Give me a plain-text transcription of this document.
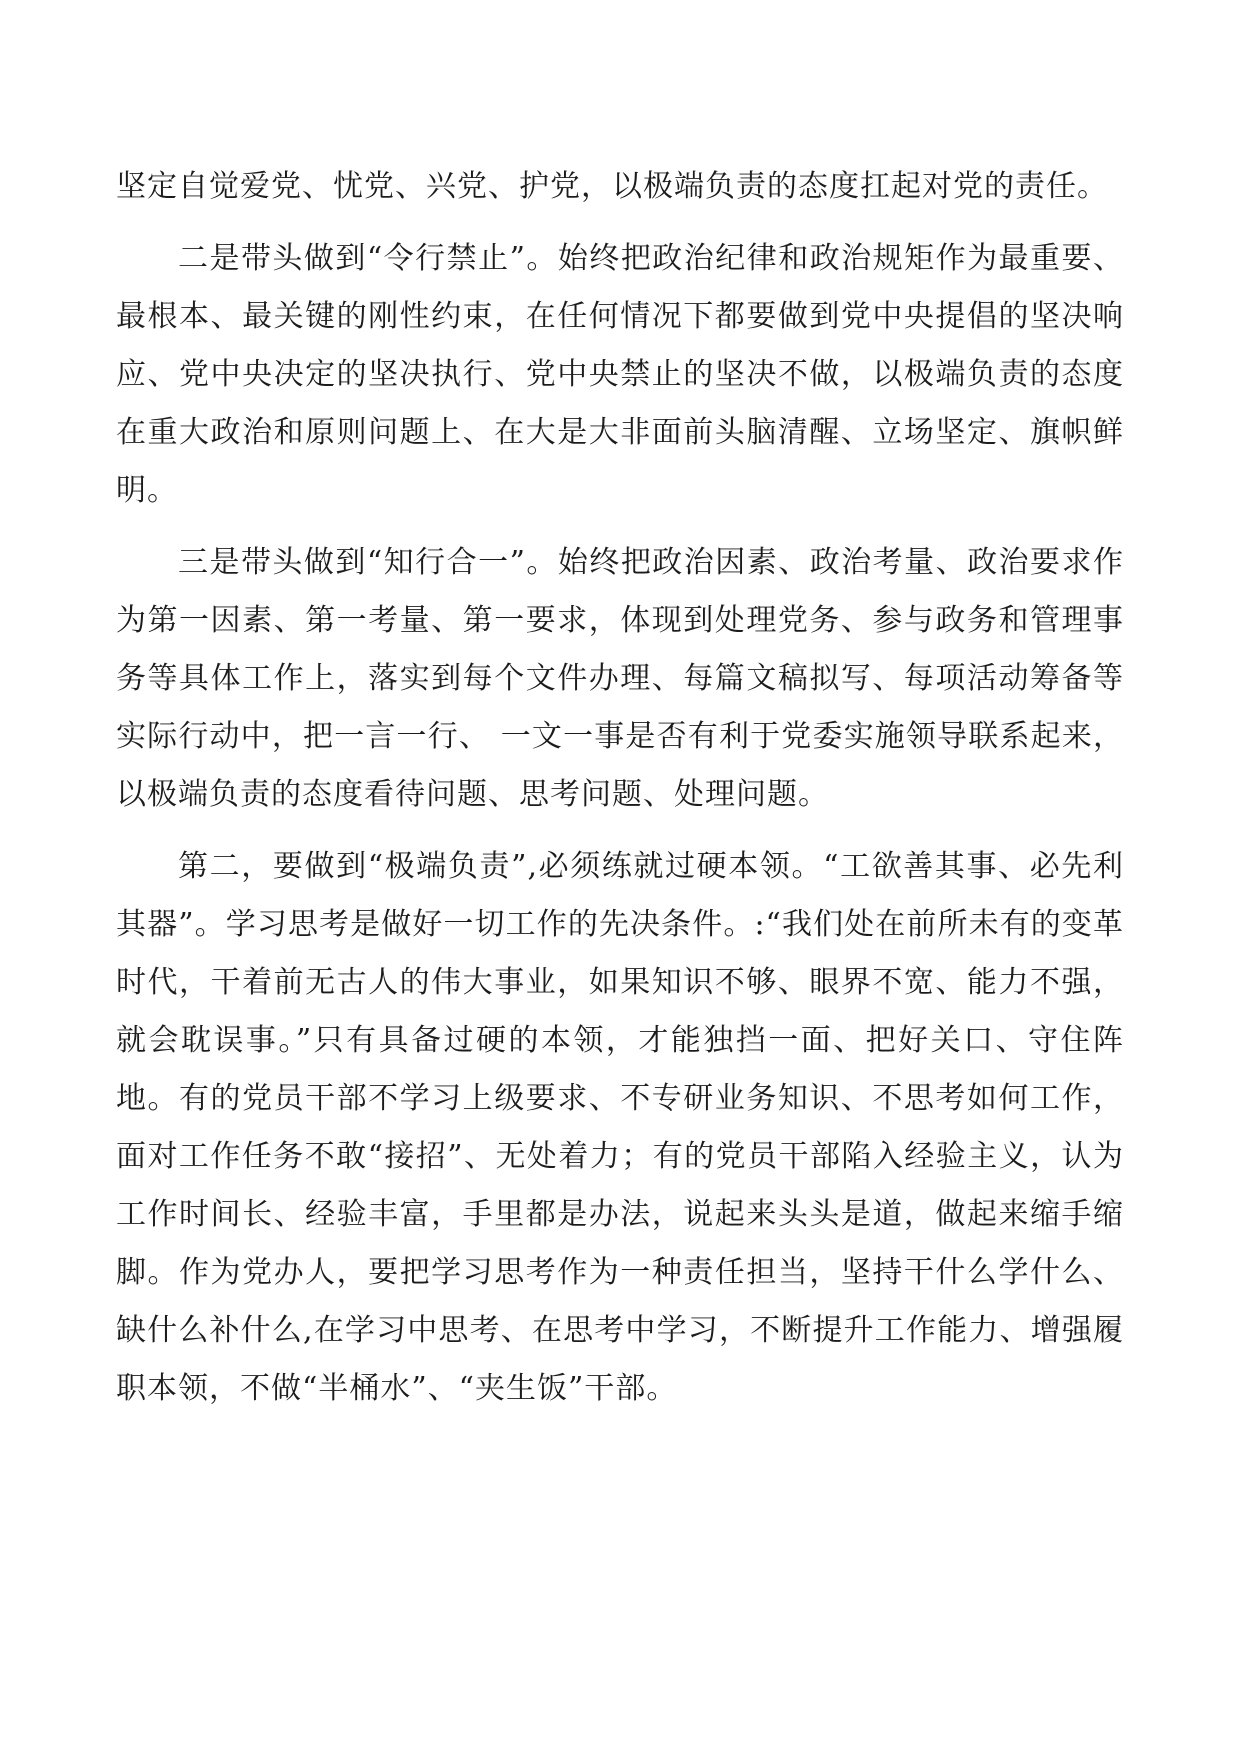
坚定自觉爱党、忧党、兴党、护党，以极端负责的态度扛起对党的责任。

二是带头做到“令行禁止”。始终把政治纪律和政治规矩作为最重要、最根本、最关键的刚性约束，在任何情况下都要做到党中央提倡的坚决响应、党中央决定的坚决执行、党中央禁止的坚决不做，以极端负责的态度在重大政治和原则问题上、在大是大非面前头脑清醒、立场坚定、旗帜鲜明。

三是带头做到“知行合一”。始终把政治因素、政治考量、政治要求作为第一因素、第一考量、第一要求，体现到处理党务、参与政务和管理事务等具体工作上，落实到每个文件办理、每篇文稿拟写、每项活动筹备等实际行动中，把一言一行、 一文一事是否有利于党委实施领导联系起来，以极端负责的态度看待问题、思考问题、处理问题。

第二，要做到“极端负责”,必须练就过硬本领。“工欲善其事、必先利其器”。学习思考是做好一切工作的先决条件。:“我们处在前所未有的变革时代，干着前无古人的伟大事业，如果知识不够、眼界不宽、能力不强，就会耽误事。”只有具备过硬的本领，才能独挡一面、把好关口、守住阵地。有的党员干部不学习上级要求、不专研业务知识、不思考如何工作，面对工作任务不敢“接招”、无处着力；有的党员干部陷入经验主义，认为工作时间长、经验丰富，手里都是办法，说起来头头是道，做起来缩手缩脚。作为党办人，要把学习思考作为一种责任担当，坚持干什么学什么、缺什么补什么,在学习中思考、在思考中学习，不断提升工作能力、增强履职本领，不做“半桶水”、“夹生饭”干部。
